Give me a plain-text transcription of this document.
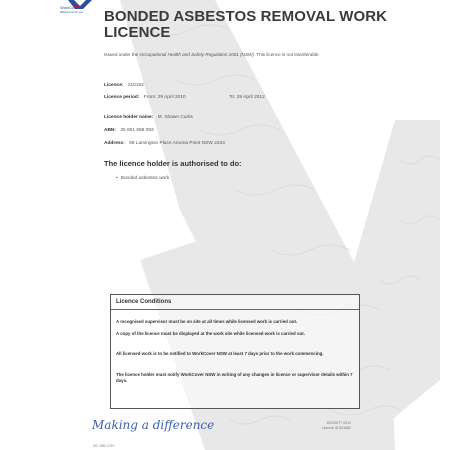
WorkCover
Watching out for you BONDED ASBESTOS REMOVAL WORK
LICENCE
Issued under the Occupational Health and Safety Regulation 2001 (NSW). This licence is not transferable.
Licence: 210152
Licence period: From: 29 April 2010	To: 29 April 2012
Licence holder name: M. Shawn Curtis
ABN: 35 651 568 083
Address: 59 Lamington Place Aroona Point NSW 2234
The licence holder is authorised to do:
• Bonded asbestos work
Licence Conditions
A recognised supervisor must be on site at all times while licensed work is carried out.
A copy of the licence must be displayed at the work site while licensed work is carried out.
All licensed work is to be notified to WorkCover NSW at least 7 days prior to the work commencing.
The licence holder must notify WorkCover NSW in writing of any changes in licence or supervisor details within 7 days.
Making a difference	WC02077 0310
Licence ID 501682
WC 0881 0210
